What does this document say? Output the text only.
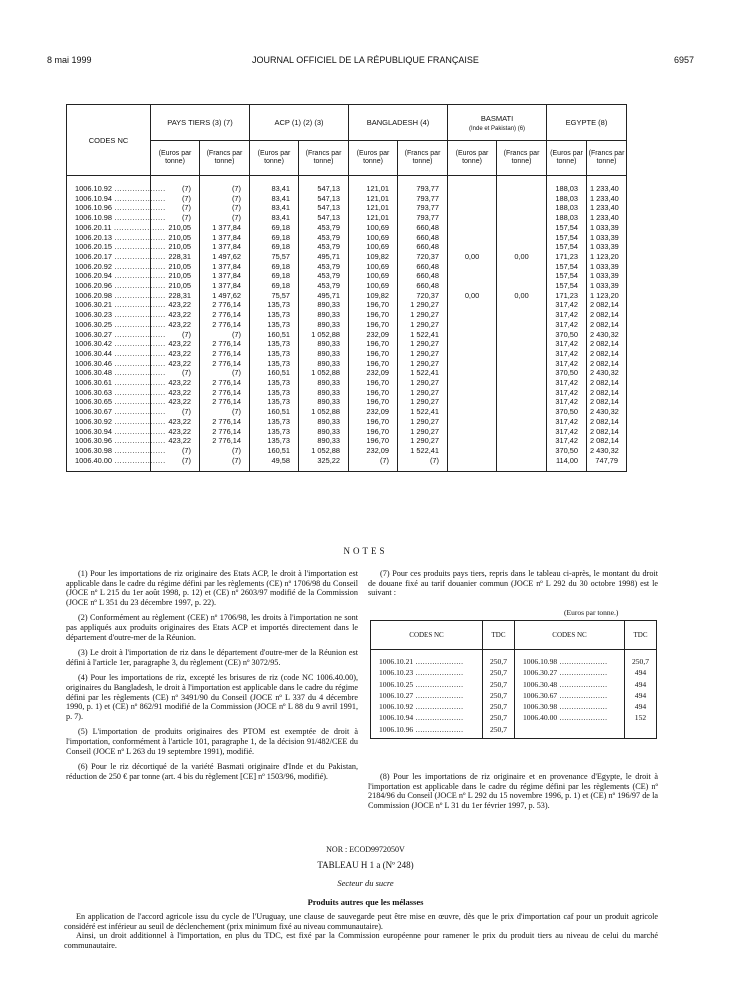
8 mai 1999	JOURNAL OFFICIEL DE LA RÉPUBLIQUE FRANÇAISE	6957
CODES NC	PAYS TIERS (3) (7)		ACP (1) (2) (3)		BANGLADESH (4)		BASMATI
(Inde et Pakistan) (6)		EGYPTE (8)	
	(Euros par tonne)	(Francs par tonne)	(Euros par tonne)	(Francs par tonne)	(Euros par tonne)	(Francs par tonne)	(Euros par tonne)	(Francs par tonne)	(Euros par tonne)	(Francs par tonne)
1006.10.92 ....................	(7)	(7)	83,41	547,13	121,01	793,77			188,03	1 233,40
1006.10.94 ....................	(7)	(7)	83,41	547,13	121,01	793,77			188,03	1 233,40
1006.10.96 ....................	(7)	(7)	83,41	547,13	121,01	793,77			188,03	1 233,40
1006.10.98 ....................	(7)	(7)	83,41	547,13	121,01	793,77			188,03	1 233,40
1006.20.11 ....................	210,05	1 377,84	69,18	453,79	100,69	660,48			157,54	1 033,39
1006.20.13 ....................	210,05	1 377,84	69,18	453,79	100,69	660,48			157,54	1 033,39
1006.20.15 ....................	210,05	1 377,84	69,18	453,79	100,69	660,48			157,54	1 033,39
1006.20.17 ....................	228,31	1 497,62	75,57	495,71	109,82	720,37	0,00	0,00	171,23	1 123,20
1006.20.92 ....................	210,05	1 377,84	69,18	453,79	100,69	660,48			157,54	1 033,39
1006.20.94 ....................	210,05	1 377,84	69,18	453,79	100,69	660,48			157,54	1 033,39
1006.20.96 ....................	210,05	1 377,84	69,18	453,79	100,69	660,48			157,54	1 033,39
1006.20.98 ....................	228,31	1 497,62	75,57	495,71	109,82	720,37	0,00	0,00	171,23	1 123,20
1006.30.21 ....................	423,22	2 776,14	135,73	890,33	196,70	1 290,27			317,42	2 082,14
1006.30.23 ....................	423,22	2 776,14	135,73	890,33	196,70	1 290,27			317,42	2 082,14
1006.30.25 ....................	423,22	2 776,14	135,73	890,33	196,70	1 290,27			317,42	2 082,14
1006.30.27 ....................	(7)	(7)	160,51	1 052,88	232,09	1 522,41			370,50	2 430,32
1006.30.42 ....................	423,22	2 776,14	135,73	890,33	196,70	1 290,27			317,42	2 082,14
1006.30.44 ....................	423,22	2 776,14	135,73	890,33	196,70	1 290,27			317,42	2 082,14
1006.30.46 ....................	423,22	2 776,14	135,73	890,33	196,70	1 290,27			317,42	2 082,14
1006.30.48 ....................	(7)	(7)	160,51	1 052,88	232,09	1 522,41			370,50	2 430,32
1006.30.61 ....................	423,22	2 776,14	135,73	890,33	196,70	1 290,27			317,42	2 082,14
1006.30.63 ....................	423,22	2 776,14	135,73	890,33	196,70	1 290,27			317,42	2 082,14
1006.30.65 ....................	423,22	2 776,14	135,73	890,33	196,70	1 290,27			317,42	2 082,14
1006.30.67 ....................	(7)	(7)	160,51	1 052,88	232,09	1 522,41			370,50	2 430,32
1006.30.92 ....................	423,22	2 776,14	135,73	890,33	196,70	1 290,27			317,42	2 082,14
1006.30.94 ....................	423,22	2 776,14	135,73	890,33	196,70	1 290,27			317,42	2 082,14
1006.30.96 ....................	423,22	2 776,14	135,73	890,33	196,70	1 290,27			317,42	2 082,14
1006.30.98 ....................	(7)	(7)	160,51	1 052,88	232,09	1 522,41			370,50	2 430,32
1006.40.00 ....................	(7)	(7)	49,58	325,22	(7)	(7)			114,00	747,79
NOTES

(1) Pour les importations de riz originaire des Etats ACP, le droit à l'importation est applicable dans le cadre du régime défini par les règlements (CE) nº 1706/98 du Conseil (JOCE nº L 215 du 1er août 1998, p. 12) et (CE) nº 2603/97 modifié de la Commission (JOCE nº L 351 du 23 décembre 1997, p. 22).

(2) Conformément au règlement (CEE) nº 1706/98, les droits à l'importation ne sont pas appliqués aux produits originaires des Etats ACP et importés directement dans le département d'outre-mer de la Réunion.

(3) Le droit à l'importation de riz dans le département d'outre-mer de la Réunion est défini à l'article 1er, paragraphe 3, du règlement (CE) nº 3072/95.

(4) Pour les importations de riz, excepté les brisures de riz (code NC 1006.40.00), originaires du Bangladesh, le droit à l'importation est applicable dans le cadre du régime défini par les règlements (CE) nº 3491/90 du Conseil (JOCE nº L 337 du 4 décembre 1990, p. 1) et (CE) nº 862/91 modifié de la Commission (JOCE nº L 88 du 9 avril 1991, p. 7).

(5) L'importation de produits originaires des PTOM est exemptée de droit à l'importation, conformément à l'article 101, paragraphe 1, de la décision 91/482/CEE du Conseil (JOCE nº L 263 du 19 septembre 1991), modifié.

(6) Pour le riz décortiqué de la variété Basmati originaire d'Inde et du Pakistan, réduction de 250 € par tonne (art. 4 bis du règlement [CE] nº 1503/96, modifié).

(7) Pour ces produits pays tiers, repris dans le tableau ci-après, le montant du droit de douane fixé au tarif douanier commun (JOCE nº L 292 du 30 octobre 1998) est le suivant :

(Euros par tonne.)
CODES NC	TDC	CODES NC	TDC
1006.10.21 ....................	250,7	1006.10.98 ....................	250,7
1006.10.23 ....................	250,7	1006.30.27 ....................	494
1006.10.25 ....................	250,7	1006.30.48 ....................	494
1006.10.27 ....................	250,7	1006.30.67 ....................	494
1006.10.92 ....................	250,7	1006.30.98 ....................	494
1006.10.94 ....................	250,7	1006.40.00 ....................	152
1006.10.96 ....................	250,7		

(8) Pour les importations de riz originaire et en provenance d'Egypte, le droit à l'importation est applicable dans le cadre du régime défini par les règlements (CE) nº 2184/96 du Conseil (JOCE nº L 292 du 15 novembre 1996, p. 1) et (CE) nº 196/97 de la Commission (JOCE nº L 31 du 1er février 1997, p. 53).

NOR : ECOD9972050V
TABLEAU H 1 a (Nº 248)
Secteur du sucre
Produits autres que les mélasses

En application de l'accord agricole issu du cycle de l'Uruguay, une clause de sauvegarde peut être mise en œuvre, dès que le prix d'importation caf pour un produit agricole considéré est inférieur au seuil de déclenchement (prix minimum fixé au niveau communautaire).

Ainsi, un droit additionnel à l'importation, en plus du TDC, est fixé par la Commission européenne pour ramener le prix du produit tiers au niveau de celui du marché communautaire.
